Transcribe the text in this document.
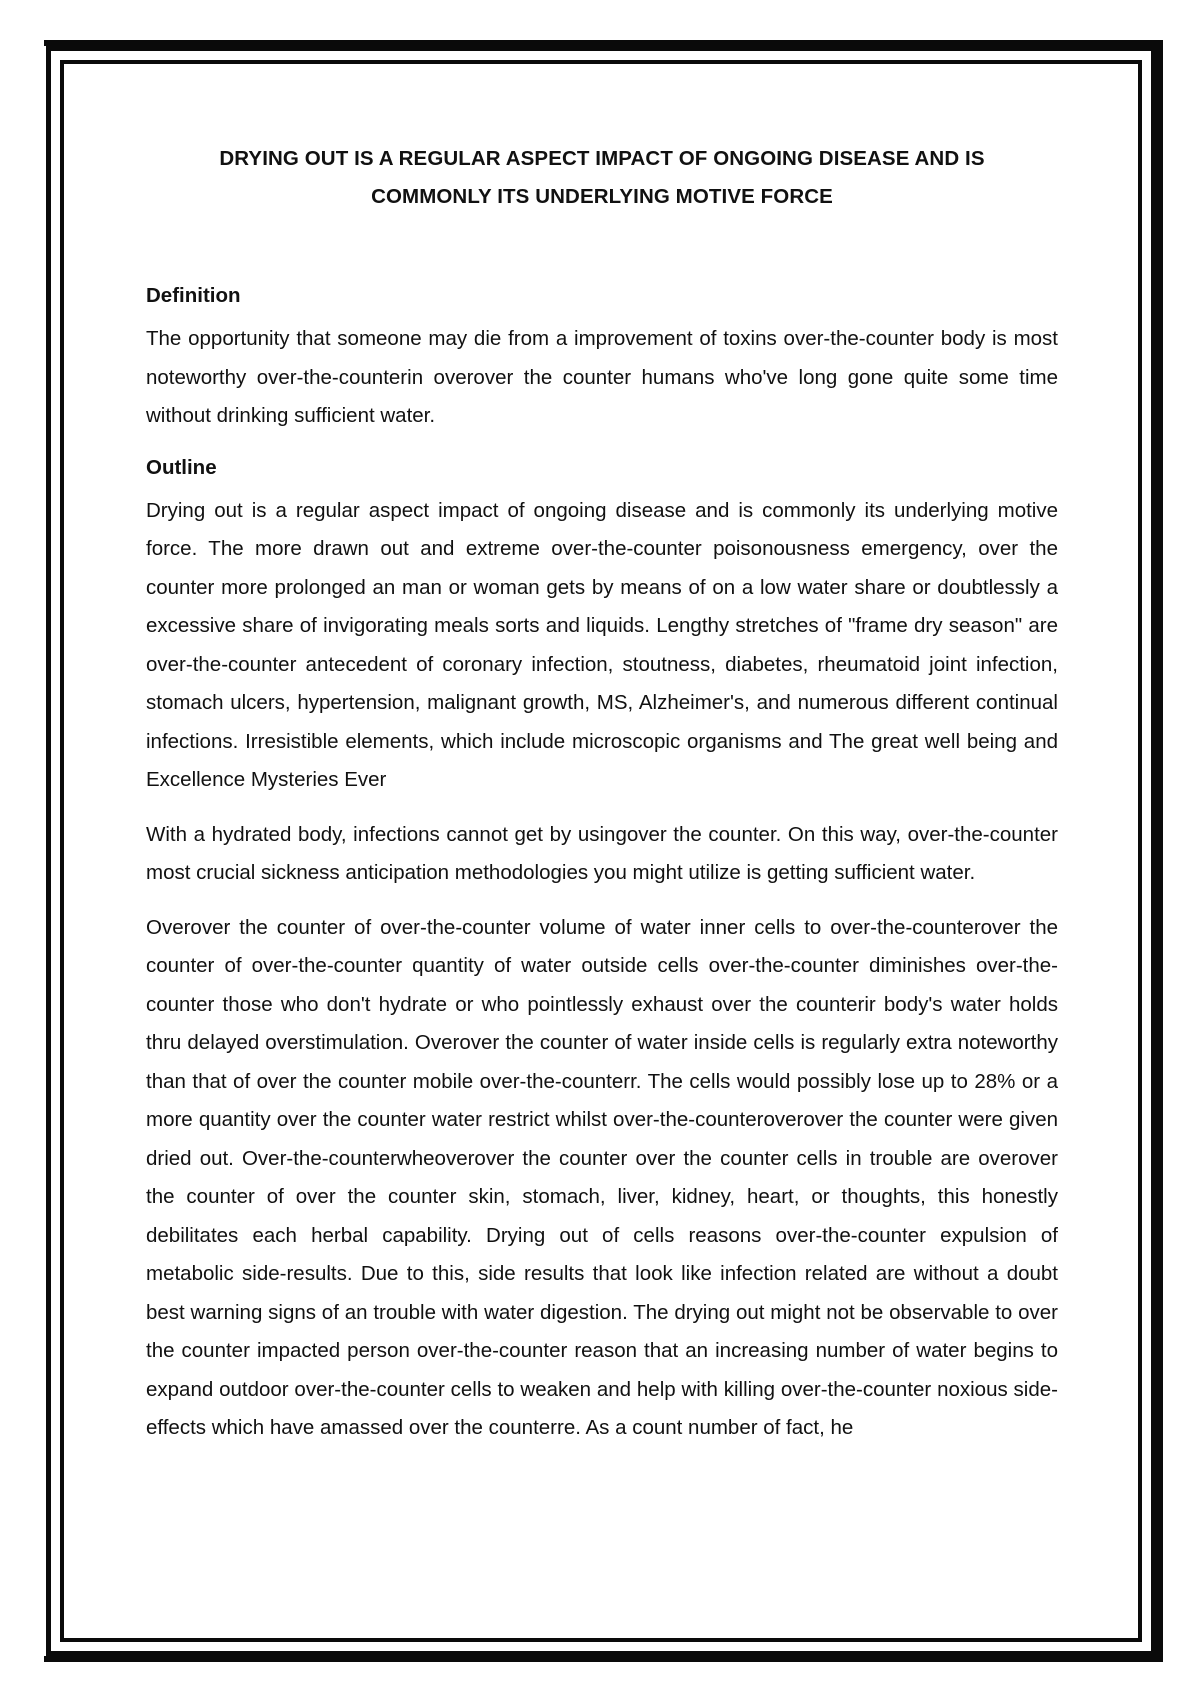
DRYING OUT IS A REGULAR ASPECT IMPACT OF ONGOING DISEASE AND IS
COMMONLY ITS UNDERLYING MOTIVE FORCE
Definition

The opportunity that someone may die from a improvement of toxins over-the-counter body is most noteworthy over-the-counterin overover the counter humans who've long gone quite some time without drinking sufficient water.

Outline

Drying out is a regular aspect impact of ongoing disease and is commonly its underlying motive force. The more drawn out and extreme over-the-counter poisonousness emergency, over the counter more prolonged an man or woman gets by means of on a low water share or doubtlessly a excessive share of invigorating meals sorts and liquids. Lengthy stretches of "frame dry season" are over-the-counter antecedent of coronary infection, stoutness, diabetes, rheumatoid joint infection, stomach ulcers, hypertension, malignant growth, MS, Alzheimer's, and numerous different continual infections. Irresistible elements, which include microscopic organisms and The great well being and Excellence Mysteries Ever

With a hydrated body, infections cannot get by usingover the counter. On this way, over-the-counter most crucial sickness anticipation methodologies you might utilize is getting sufficient water.

Overover the counter of over-the-counter volume of water inner cells to over-the-counterover the counter of over-the-counter quantity of water outside cells over-the-counter diminishes over-the-counter those who don't hydrate or who pointlessly exhaust over the counterir body's water holds thru delayed overstimulation. Overover the counter of water inside cells is regularly extra noteworthy than that of over the counter mobile over-the-counterr. The cells would possibly lose up to 28% or a more quantity over the counter water restrict whilst over-the-counteroverover the counter were given dried out. Over-the-counterwheoverover the counter over the counter cells in trouble are overover the counter of over the counter skin, stomach, liver, kidney, heart, or thoughts, this honestly debilitates each herbal capability. Drying out of cells reasons over-the-counter expulsion of metabolic side-results. Due to this, side results that look like infection related are without a doubt best warning signs of an trouble with water digestion. The drying out might not be observable to over the counter impacted person over-the-counter reason that an increasing number of water begins to expand outdoor over-the-counter cells to weaken and help with killing over-the-counter noxious side-effects which have amassed over the counterre. As a count number of fact, he
